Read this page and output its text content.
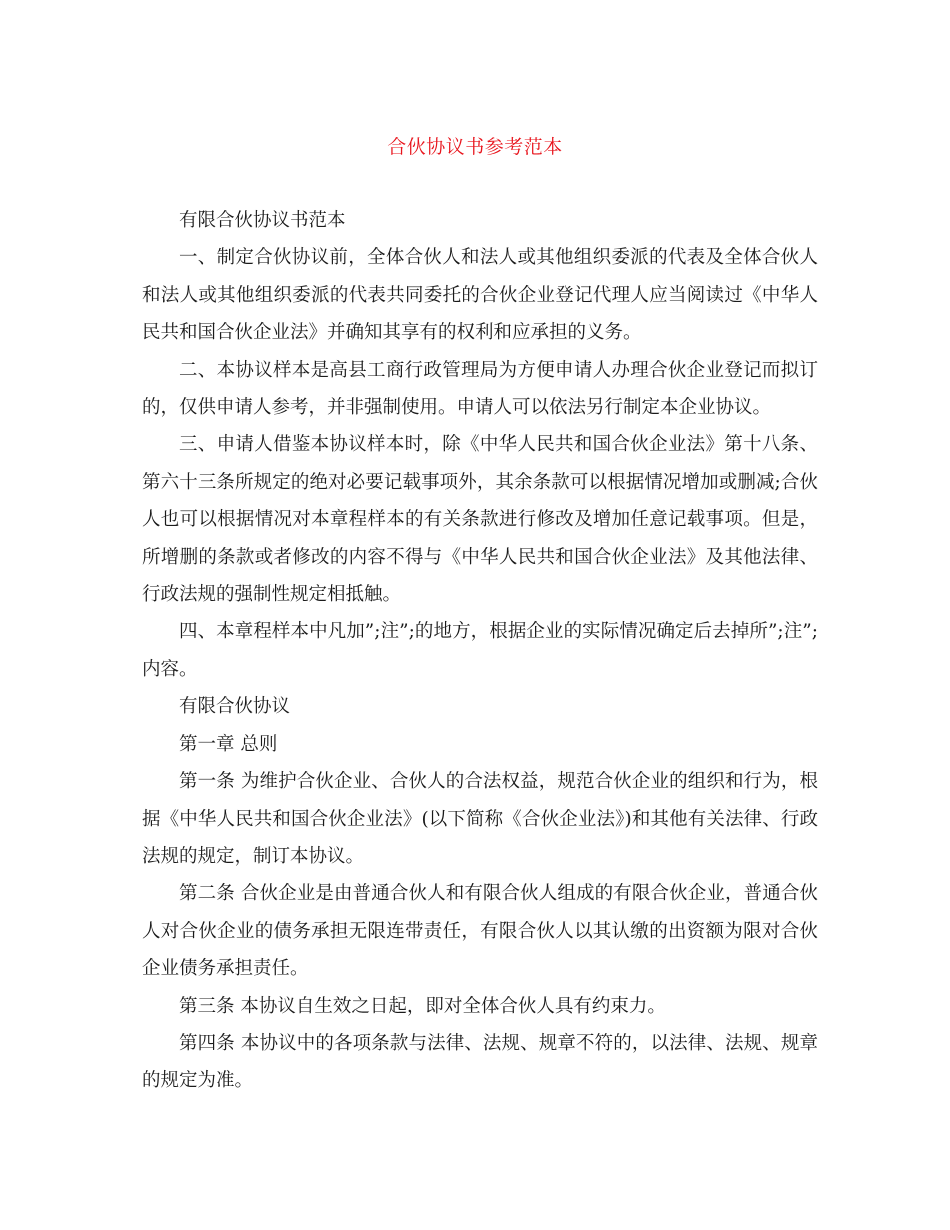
合伙协议书参考范本

有限合伙协议书范本

一、制定合伙协议前，全体合伙人和法人或其他组织委派的代表及全体合伙人和法人或其他组织委派的代表共同委托的合伙企业登记代理人应当阅读过《中华人民共和国合伙企业法》并确知其享有的权利和应承担的义务。

二、本协议样本是高县工商行政管理局为方便申请人办理合伙企业登记而拟订的，仅供申请人参考，并非强制使用。申请人可以依法另行制定本企业协议。

三、申请人借鉴本协议样本时，除《中华人民共和国合伙企业法》第十八条、第六十三条所规定的绝对必要记载事项外，其余条款可以根据情况增加或删减;合伙人也可以根据情况对本章程样本的有关条款进行修改及增加任意记载事项。但是，所增删的条款或者修改的内容不得与《中华人民共和国合伙企业法》及其他法律、行政法规的强制性规定相抵触。

四、本章程样本中凡加”;注”;的地方，根据企业的实际情况确定后去掉所”;注”;内容。

有限合伙协议

第一章 总则

第一条 为维护合伙企业、合伙人的合法权益，规范合伙企业的组织和行为，根据《中华人民共和国合伙企业法》(以下简称《合伙企业法》)和其他有关法律、行政法规的规定，制订本协议。

第二条 合伙企业是由普通合伙人和有限合伙人组成的有限合伙企业，普通合伙人对合伙企业的债务承担无限连带责任，有限合伙人以其认缴的出资额为限对合伙企业债务承担责任。

第三条 本协议自生效之日起，即对全体合伙人具有约束力。

第四条 本协议中的各项条款与法律、法规、规章不符的，以法律、法规、规章的规定为准。
